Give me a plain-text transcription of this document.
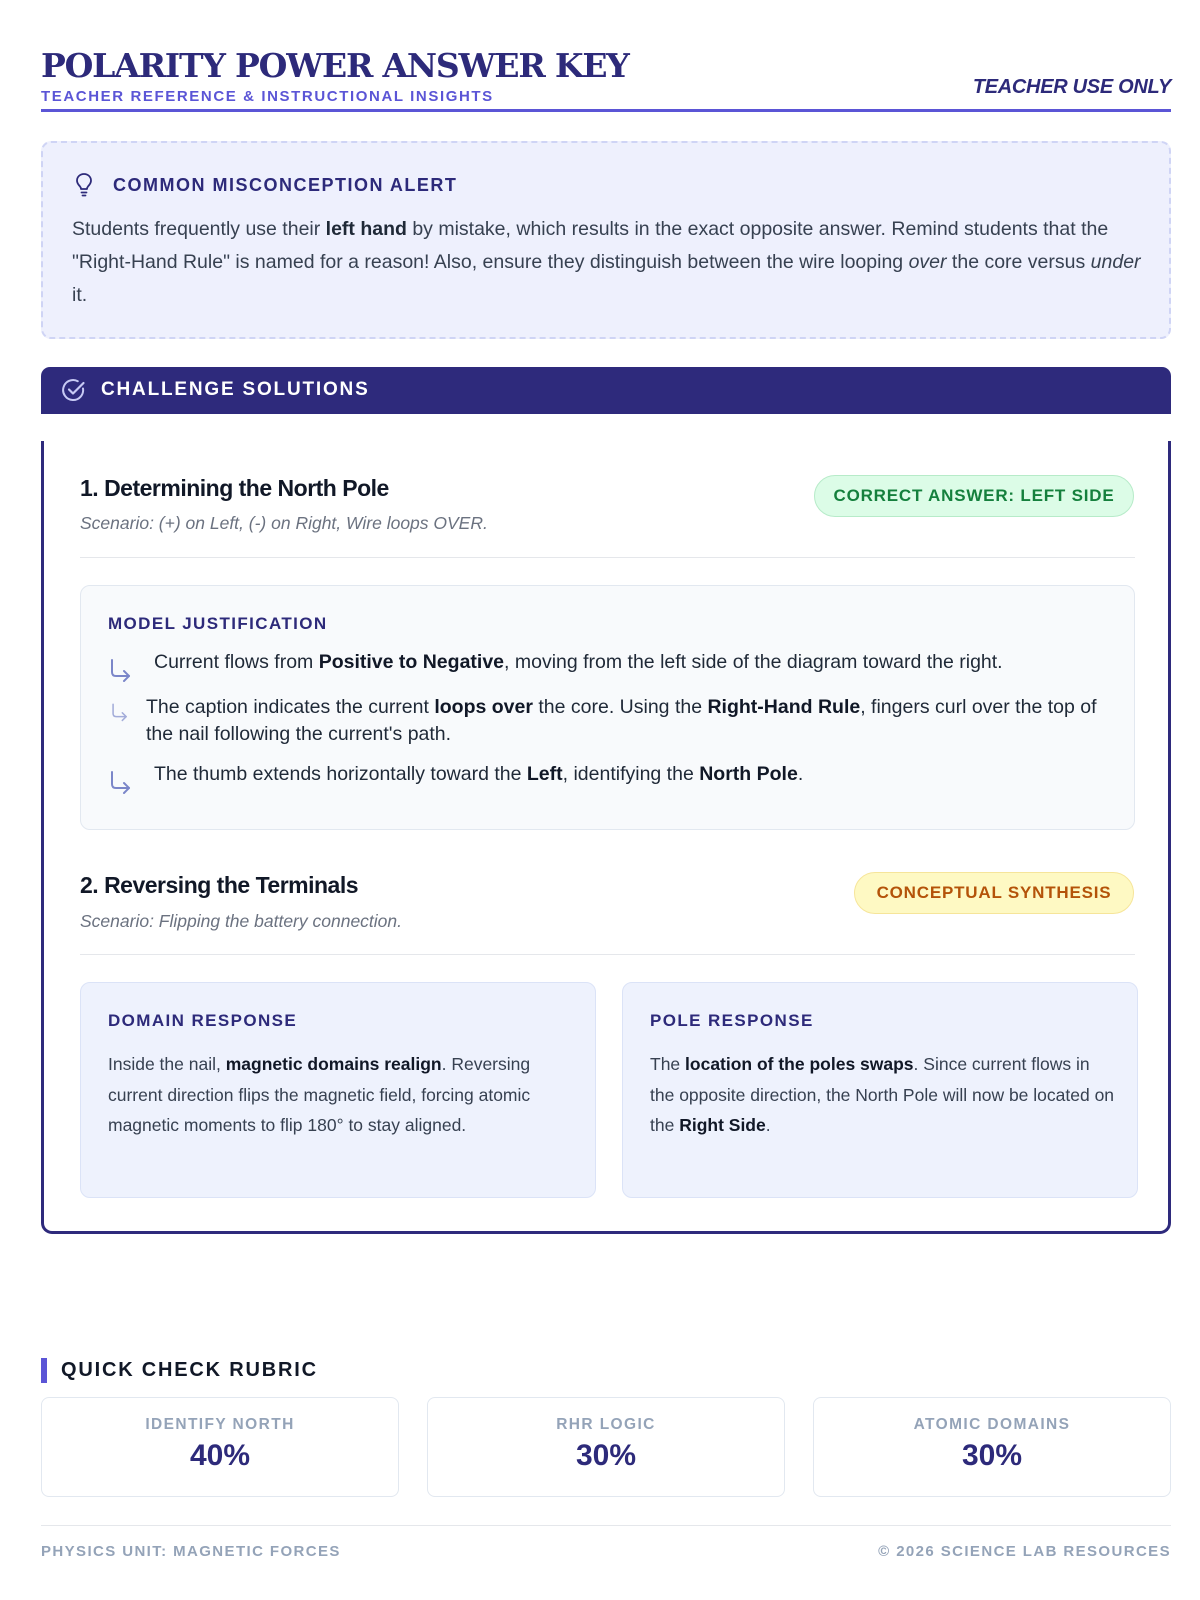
POLARITY POWER ANSWER KEY
TEACHER REFERENCE & INSTRUCTIONAL INSIGHTS	TEACHER USE ONLY
COMMON MISCONCEPTION ALERT
Students frequently use their left hand by mistake, which results in the exact opposite answer. Remind students that the "Right-Hand Rule" is named for a reason! Also, ensure they distinguish between the wire looping over the core versus under it.
CHALLENGE SOLUTIONS
1. Determining the North Pole
Scenario: (+) on Left, (-) on Right, Wire loops OVER.
CORRECT ANSWER: LEFT SIDE
MODEL JUSTIFICATION
Current flows from Positive to Negative, moving from the left side of the diagram toward the right.
The caption indicates the current loops over the core. Using the Right-Hand Rule, fingers curl over the top of the nail following the current's path.
The thumb extends horizontally toward the Left, identifying the North Pole.
2. Reversing the Terminals
Scenario: Flipping the battery connection.
CONCEPTUAL SYNTHESIS
DOMAIN RESPONSE
Inside the nail, magnetic domains realign. Reversing current direction flips the magnetic field, forcing atomic magnetic moments to flip 180° to stay aligned.
POLE RESPONSE
The location of the poles swaps. Since current flows in the opposite direction, the North Pole will now be located on the Right Side.
QUICK CHECK RUBRIC
IDENTIFY NORTH
40%
RHR LOGIC
30%
ATOMIC DOMAINS
30%
PHYSICS UNIT: MAGNETIC FORCES	© 2026 SCIENCE LAB RESOURCES
